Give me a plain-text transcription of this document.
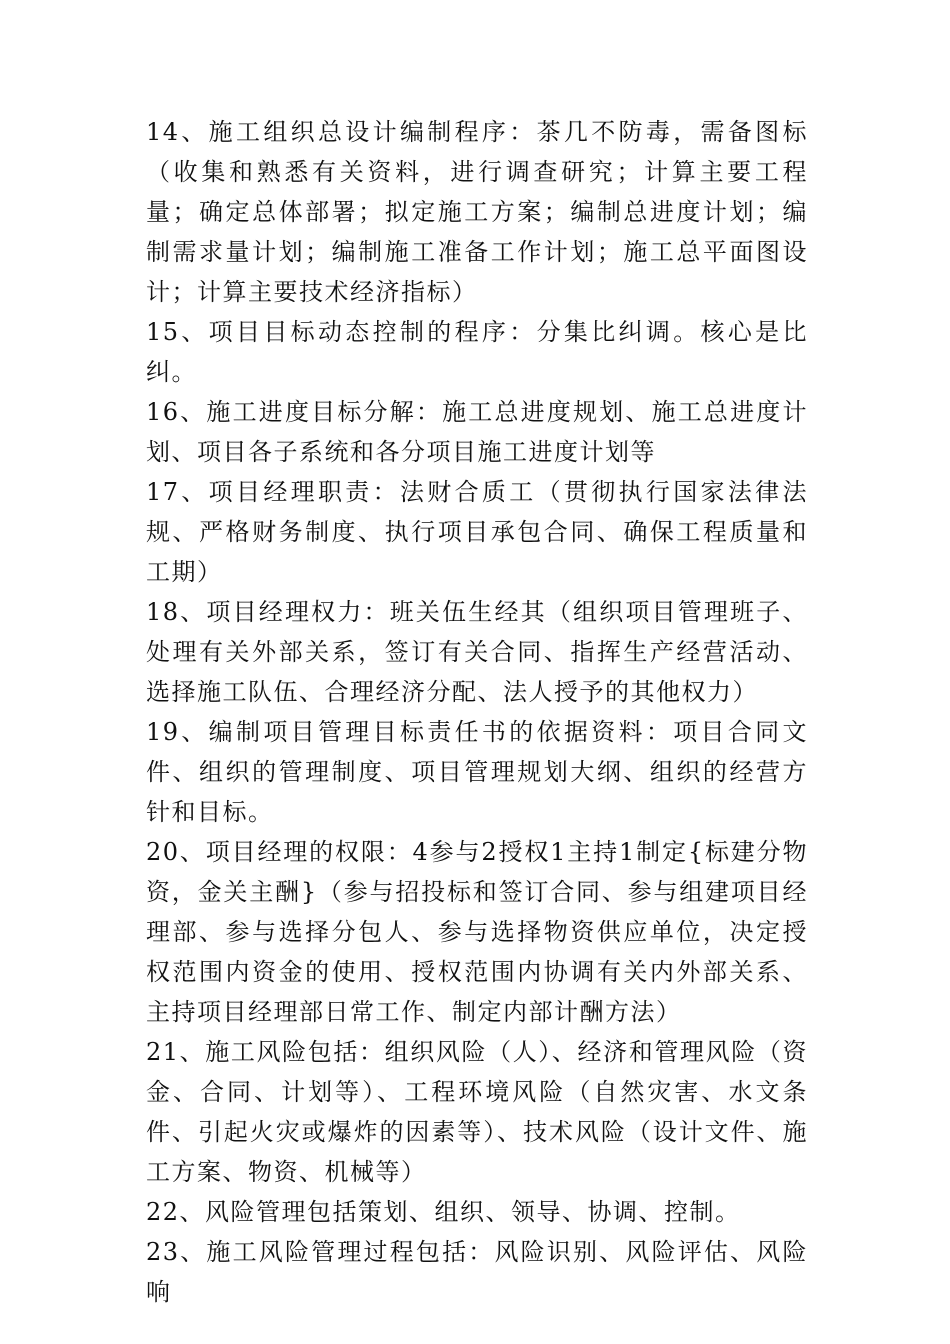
14、施工组织总设计编制程序：茶几不防毒，需备图标（收集和熟悉有关资料，进行调查研究；计算主要工程量；确定总体部署；拟定施工方案；编制总进度计划；编制需求量计划；编制施工准备工作计划；施工总平面图设计；计算主要技术经济指标）

15、项目目标动态控制的程序：分集比纠调。核心是比纠。

16、施工进度目标分解：施工总进度规划、施工总进度计划、项目各子系统和各分项目施工进度计划等

17、项目经理职责：法财合质工（贯彻执行国家法律法规、严格财务制度、执行项目承包合同、确保工程质量和工期）

18、项目经理权力：班关伍生经其（组织项目管理班子、处理有关外部关系，签订有关合同、指挥生产经营活动、选择施工队伍、合理经济分配、法人授予的其他权力）

19、编制项目管理目标责任书的依据资料：项目合同文件、组织的管理制度、项目管理规划大纲、组织的经营方针和目标。

20、项目经理的权限：4参与2授权1主持1制定{标建分物资，金关主酬}（参与招投标和签订合同、参与组建项目经理部、参与选择分包人、参与选择物资供应单位，决定授权范围内资金的使用、授权范围内协调有关内外部关系、主持项目经理部日常工作、制定内部计酬方法）

21、施工风险包括：组织风险（人）、经济和管理风险（资金、合同、计划等）、工程环境风险（自然灾害、水文条件、引起火灾或爆炸的因素等）、技术风险（设计文件、施工方案、物资、机械等）

22、风险管理包括策划、组织、领导、协调、控制。

23、施工风险管理过程包括：风险识别、风险评估、风险响
